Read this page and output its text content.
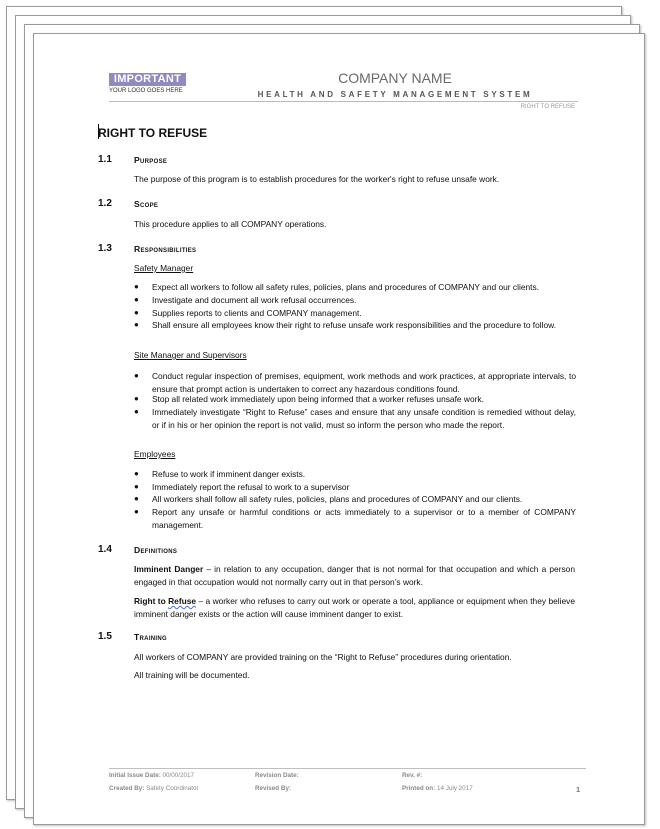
IMPORTANT
YOUR LOGO GOES HERE
COMPANY NAME
HEALTH AND SAFETY MANAGEMENT SYSTEM
RIGHT TO REFUSE
RIGHT TO REFUSE
1.1	Purpose
The purpose of this program is to establish procedures for the worker's right to refuse unsafe work.
1.2	Scope
This procedure applies to all COMPANY operations.
1.3	Responsibilities
Safety Manager
● Expect all workers to follow all safety rules, policies, plans and procedures of COMPANY and our clients.
● Investigate and document all work refusal occurrences.
● Supplies reports to clients and COMPANY management.
● Shall ensure all employees know their right to refuse unsafe work responsibilities and the procedure to follow.
Site Manager and Supervisors
● Conduct regular inspection of premises, equipment, work methods and work practices, at appropriate intervals, to ensure that prompt action is undertaken to correct any hazardous conditions found.
● Stop all related work immediately upon being informed that a worker refuses unsafe work.
● Immediately investigate “Right to Refuse” cases and ensure that any unsafe condition is remedied without delay, or if in his or her opinion the report is not valid, must so inform the person who made the report.
Employees
● Refuse to work if imminent danger exists.
● Immediately report the refusal to work to a supervisor
● All workers shall follow all safety rules, policies, plans and procedures of COMPANY and our clients.
● Report any unsafe or harmful conditions or acts immediately to a supervisor or to a member of COMPANY management.
1.4	Definitions
Imminent Danger – in relation to any occupation, danger that is not normal for that occupation and which a person engaged in that occupation would not normally carry out in that person’s work.
Right to Refuse – a worker who refuses to carry out work or operate a tool, appliance or equipment when they believe imminent danger exists or the action will cause imminent danger to exist.
1.5	Training
All workers of COMPANY are provided training on the “Right to Refuse” procedures during orientation.
All training will be documented.
Initial Issue Date: 00/00/2017	Revision Date:	Rev. #:
Created By: Safety Coordinator	Revised By:	Printed on: 14 July 2017	1
